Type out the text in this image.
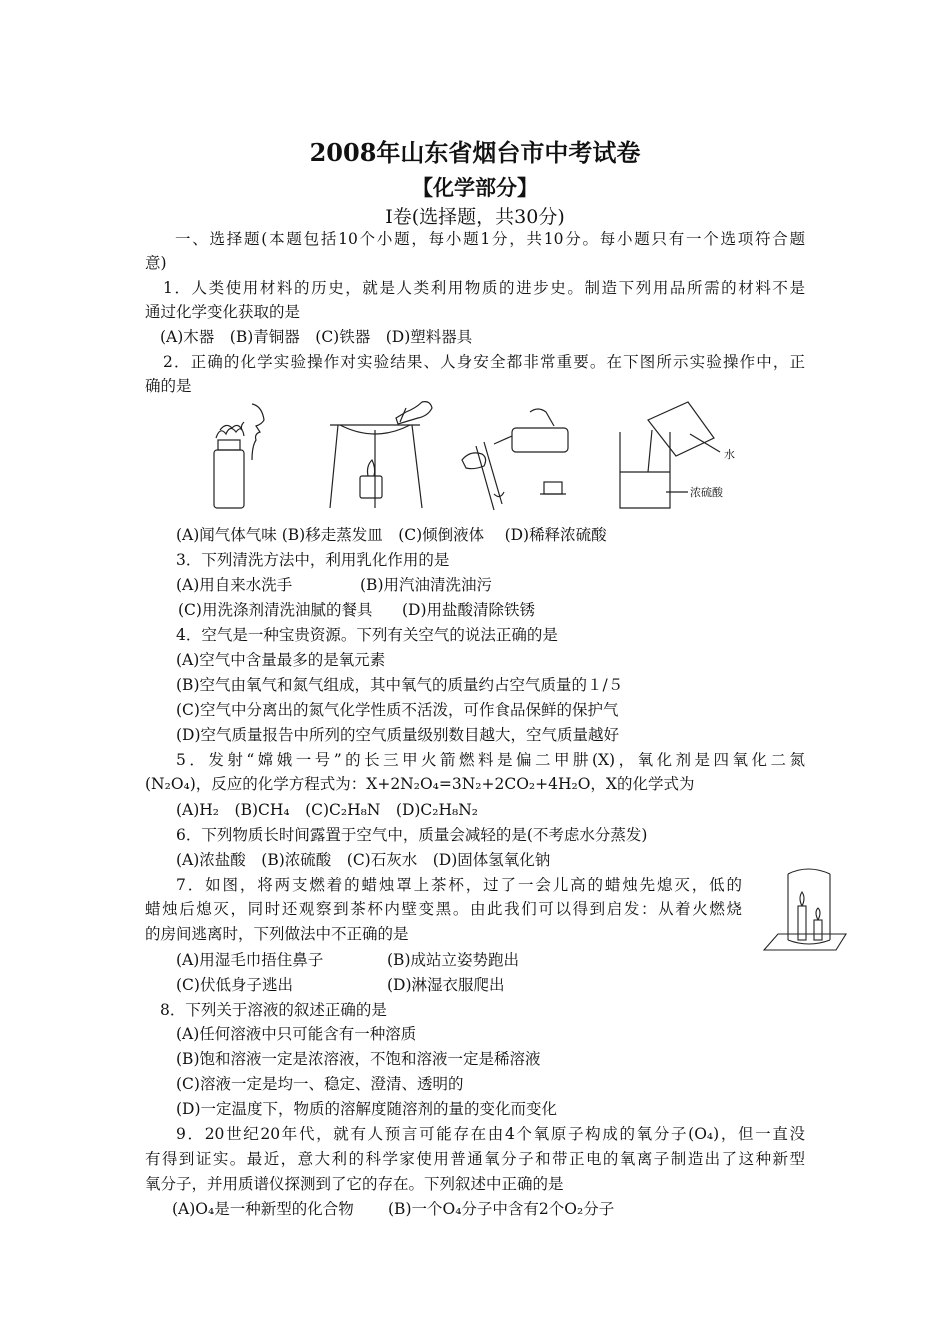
2008年山东省烟台市中考试卷
【化学部分】
Ⅰ卷(选择题，共30分)
一、选择题(本题包括10个小题，每小题1分，共10分。每小题只有一个选项符合题
意)
1．人类使用材料的历史，就是人类利用物质的进步史。制造下列用品所需的材料不是
通过化学变化获取的是
(A)木器　(B)青铜器　(C)铁器　(D)塑料器具
2．正确的化学实验操作对实验结果、人身安全都非常重要。在下图所示实验操作中，正
确的是
水
浓硫酸
(A)闻气体气味 (B)移走蒸发皿　(C)倾倒液体　 (D)稀释浓硫酸
3．下列清洗方法中，利用乳化作用的是
(A)用自来水洗手	(B)用汽油清洗油污
(C)用洗涤剂清洗油腻的餐具 (D)用盐酸清除铁锈
4．空气是一种宝贵资源。下列有关空气的说法正确的是
(A)空气中含量最多的是氧元素
(B)空气由氧气和氮气组成，其中氧气的质量约占空气质量的１/５
(C)空气中分离出的氮气化学性质不活泼，可作食品保鲜的保护气
(D)空气质量报告中所列的空气质量级别数目越大，空气质量越好
5．发射“嫦娥一号”的长三甲火箭燃料是偏二甲肼(X)，氧化剂是四氧化二氮
(N₂O₄)，反应的化学方程式为：X+2N₂O₄=3N₂+2CO₂+4H₂O，X的化学式为
(A)H₂　(B)CH₄　(C)C₂H₈N　(D)C₂H₈N₂
6．下列物质长时间露置于空气中，质量会减轻的是(不考虑水分蒸发)
(A)浓盐酸　(B)浓硫酸　(C)石灰水　(D)固体氢氧化钠
7．如图，将两支燃着的蜡烛罩上茶杯，过了一会儿高的蜡烛先熄灭，低的
蜡烛后熄灭，同时还观察到茶杯内壁变黑。由此我们可以得到启发：从着火燃烧
的房间逃离时，下列做法中不正确的是
(A)用湿毛巾捂住鼻子	(B)成站立姿势跑出
(C)伏低身子逃出	(D)淋湿衣服爬出
8．下列关于溶液的叙述正确的是
(A)任何溶液中只可能含有一种溶质
(B)饱和溶液一定是浓溶液，不饱和溶液一定是稀溶液
(C)溶液一定是均一、稳定、澄清、透明的
(D)一定温度下，物质的溶解度随溶剂的量的变化而变化
9．20世纪20年代，就有人预言可能存在由4个氧原子构成的氧分子(O₄)，但一直没
有得到证实。最近，意大利的科学家使用普通氧分子和带正电的氧离子制造出了这种新型
氧分子，并用质谱仪探测到了它的存在。下列叙述中正确的是
(A)O₄是一种新型的化合物 (B)一个O₄分子中含有2个O₂分子
